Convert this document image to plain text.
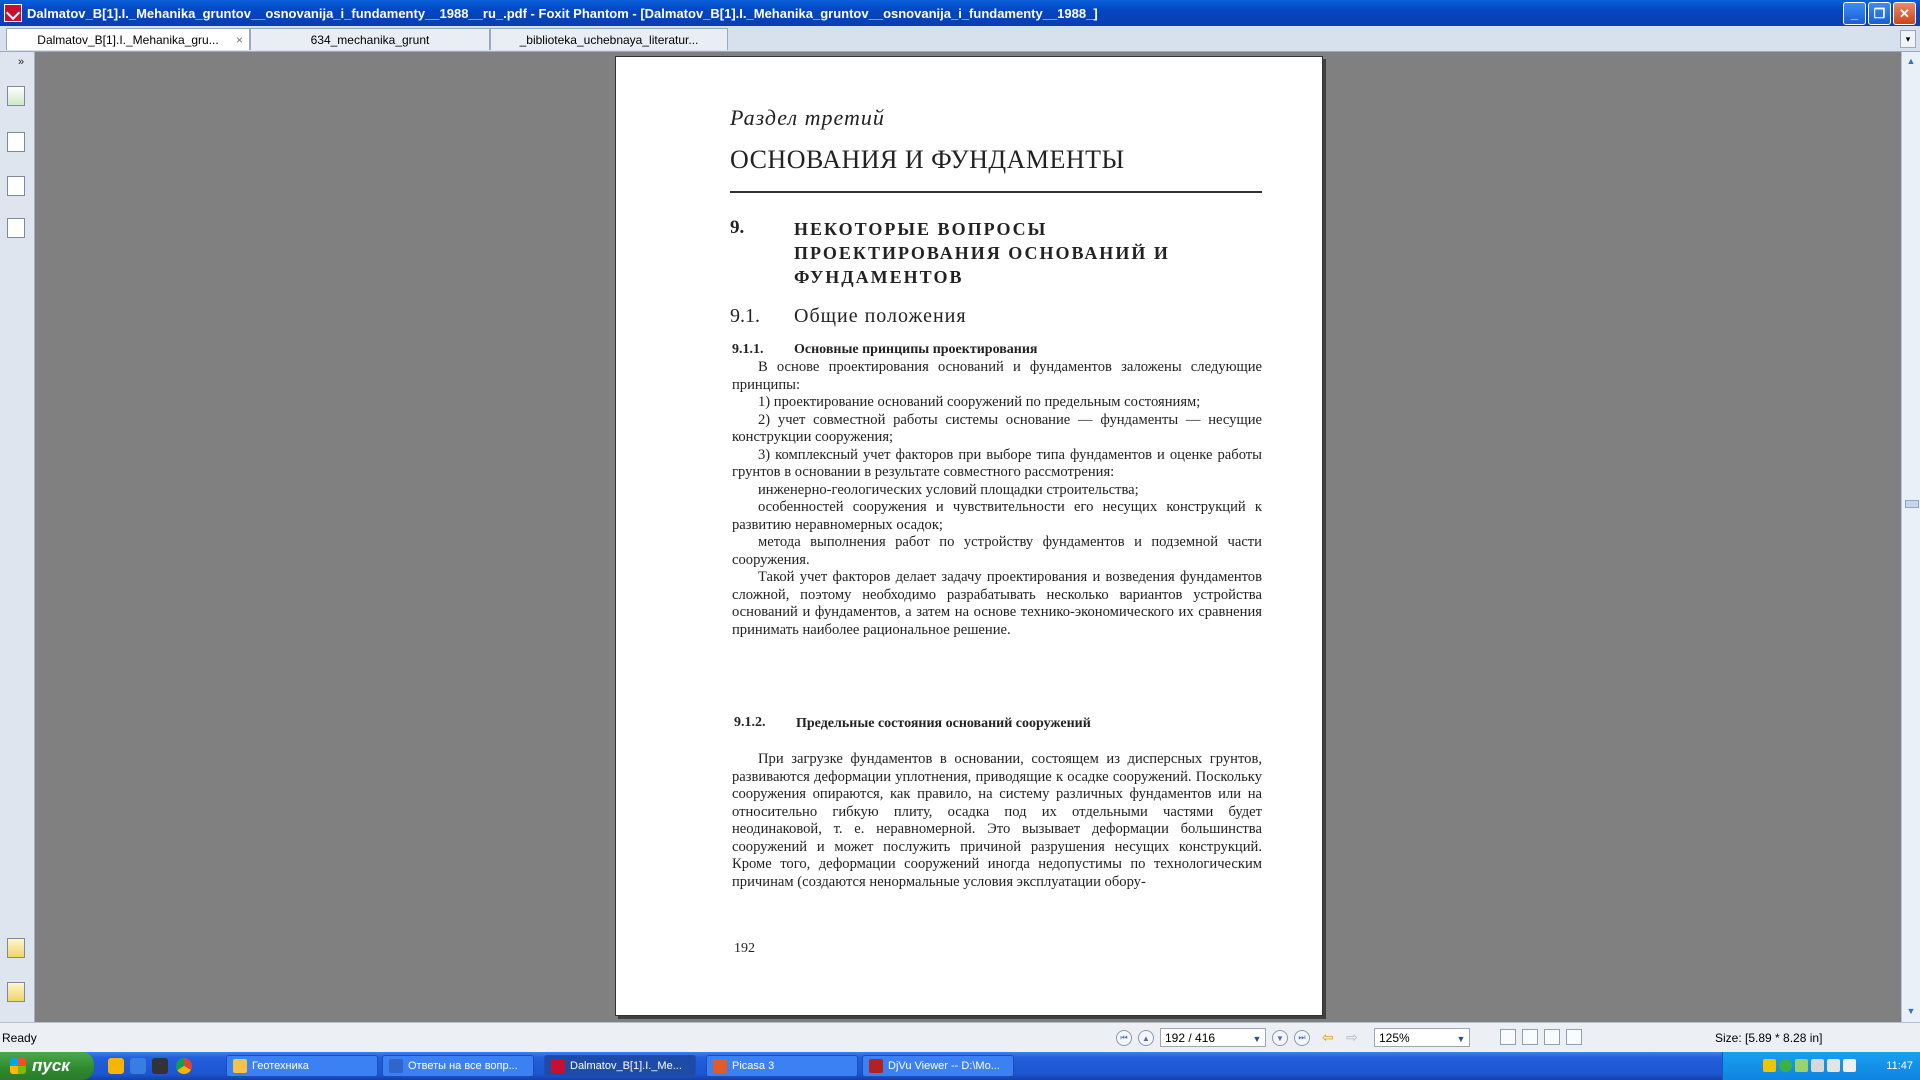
Dalmatov_B[1].I._Mehanika_gruntov__osnovanija_i_fundamenty__1988__ru_.pdf - Foxit Phantom - [Dalmatov_B[1].I._Mehanika_gruntov__osnovanija_i_fundamenty__1988_]	_	❐	✕
Dalmatov_B[1].I._Mehanika_gru... ×	634_mechanika_grunt	_biblioteka_uchebnaya_literatur...	▾
»
Раздел третий
ОСНОВАНИЯ И ФУНДАМЕНТЫ
9.	НЕКОТОРЫЕ ВОПРОСЫ ПРОЕКТИРОВАНИЯ ОСНОВАНИЙ И ФУНДАМЕНТОВ
9.1. Общие положения
9.1.1. Основные принципы проектирования

В основе проектирования оснований и фундаментов заложены следующие принципы:

1) проектирование оснований сооружений по предельным состояниям;

2) учет совместной работы системы основание — фундаменты — несущие конструкции сооружения;

3) комплексный учет факторов при выборе типа фундаментов и оценке работы грунтов в основании в результате совместного рассмотрения:

инженерно-геологических условий площадки строительства;

особенностей сооружения и чувствительности его несущих конструкций к развитию неравномерных осадок;

метода выполнения работ по устройству фундаментов и подземной части сооружения.

Такой учет факторов делает задачу проектирования и возведения фундаментов сложной, поэтому необходимо разрабатывать несколько вариантов устройства оснований и фундаментов, а затем на основе технико-экономического их сравнения принимать наиболее рациональное решение.

9.1.2. Предельные состояния оснований сооружений

При загрузке фундаментов в основании, состоящем из дисперсных грунтов, развиваются деформации уплотнения, приводящие к осадке сооружений. Поскольку сооружения опираются, как правило, на систему различных фундаментов или на относительно гибкую плиту, осадка под их отдельными частями будет неодинаковой, т. е. неравномерной. Это вызывает деформации большинства сооружений и может послужить причиной разрушения несущих конструкций. Кроме того, деформации сооружений иногда недопустимы по технологическим причинам (создаются ненормальные условия эксплуатации обору-

192
▲
▼
Ready	⏮	▲	192 / 416	▼	▼	⏭	⇦ ⇨ 125%	▼	Size: [5.89 * 8.28 in]
пуск	Геотехника	Ответы на все вопр...	Dalmatov_B[1].I._Me...	Picasa 3	DjVu Viewer -- D:\Mo...	11:47
